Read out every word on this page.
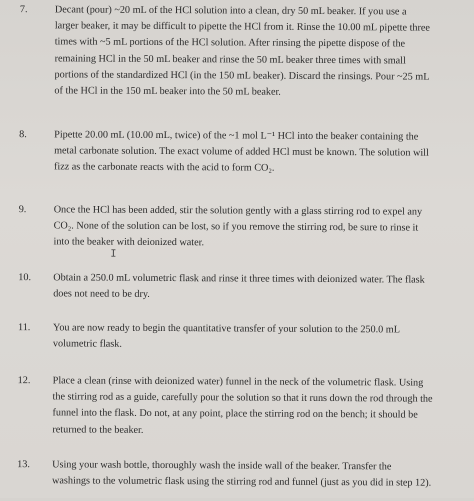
7.	Decant (pour) ~20 mL of the HCl solution into a clean, dry 50 mL beaker. If you use a
larger beaker, it may be difficult to pipette the HCl from it. Rinse the 10.00 mL pipette three
times with ~5 mL portions of the HCl solution. After rinsing the pipette dispose of the
remaining HCl in the 50 mL beaker and rinse the 50 mL beaker three times with small
portions of the standardized HCl (in the 150 mL beaker). Discard the rinsings. Pour ~25 mL
of the HCl in the 150 mL beaker into the 50 mL beaker.
8.	Pipette 20.00 mL (10.00 mL, twice) of the ~1 mol L⁻¹ HCl into the beaker containing the
metal carbonate solution. The exact volume of added HCl must be known. The solution will
fizz as the carbonate reacts with the acid to form CO₂.
9.	Once the HCl has been added, stir the solution gently with a glass stirring rod to expel any
CO₂. None of the solution can be lost, so if you remove the stirring rod, be sure to rinse it
into the beaker with deionized water.
I
10.	Obtain a 250.0 mL volumetric flask and rinse it three times with deionized water. The flask
does not need to be dry.
11.	You are now ready to begin the quantitative transfer of your solution to the 250.0 mL
volumetric flask.
12.	Place a clean (rinse with deionized water) funnel in the neck of the volumetric flask. Using
the stirring rod as a guide, carefully pour the solution so that it runs down the rod through the
funnel into the flask. Do not, at any point, place the stirring rod on the bench; it should be
returned to the beaker.
13.	Using your wash bottle, thoroughly wash the inside wall of the beaker. Transfer the
washings to the volumetric flask using the stirring rod and funnel (just as you did in step 12).
